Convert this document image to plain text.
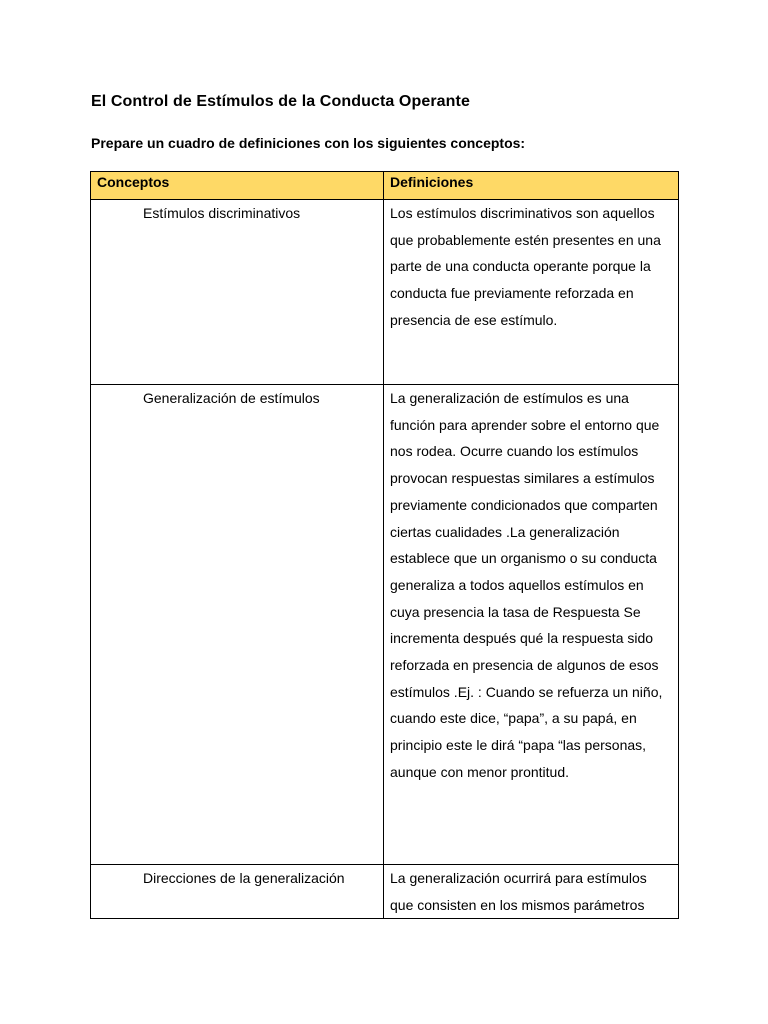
El Control de Estímulos de la Conducta Operante
Prepare un cuadro de definiciones con los siguientes conceptos:
Conceptos	Definiciones
Estímulos discriminativos	Los estímulos discriminativos son aquellos que probablemente estén presentes en una parte de una conducta operante porque la conducta fue previamente reforzada en presencia de ese estímulo.
Generalización de estímulos	La generalización de estímulos es una función para aprender sobre el entorno que nos rodea. Ocurre cuando los estímulos provocan respuestas similares a estímulos previamente condicionados que comparten ciertas cualidades .La generalización establece que un organismo o su conducta generaliza a todos aquellos estímulos en cuya presencia la tasa de Respuesta Se incrementa después qué la respuesta sido reforzada en presencia de algunos de esos estímulos .Ej. : Cuando se refuerza un niño, cuando este dice, “papa”, a su papá, en principio este le dirá “papa “las personas, aunque con menor prontitud.
Direcciones de la generalización	La generalización ocurrirá para estímulos que consisten en los mismos parámetros
